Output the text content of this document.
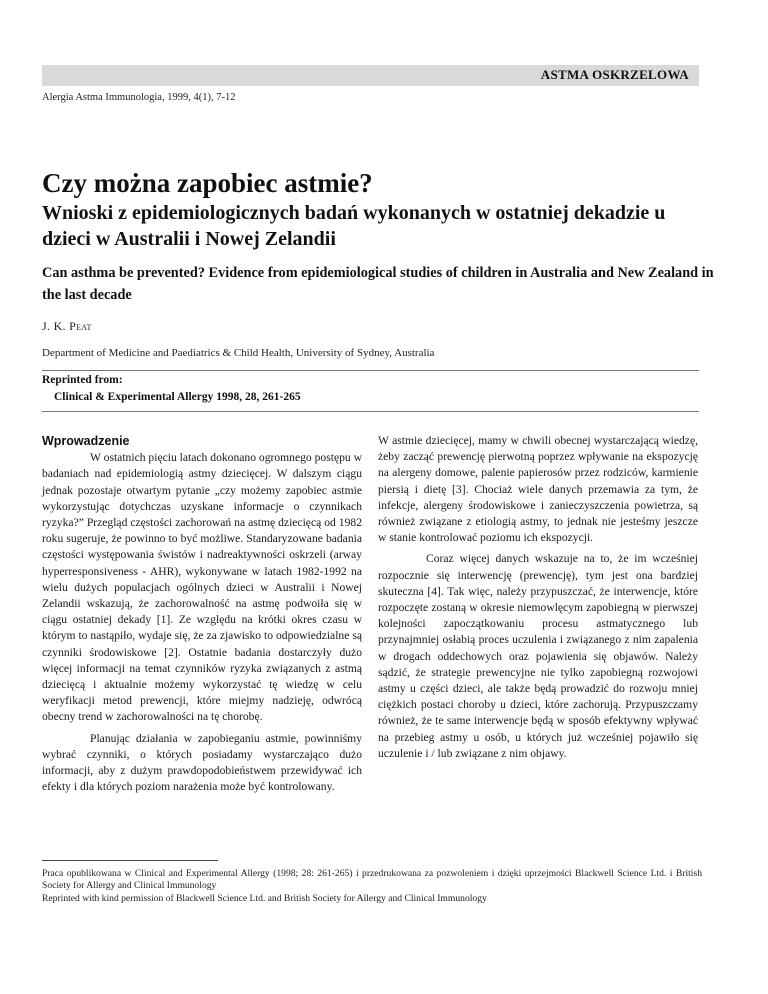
ASTMA OSKRZELOWA
Alergia Astma Immunologia, 1999, 4(1), 7-12
Czy można zapobiec astmie?
Wnioski z epidemiologicznych badań wykonanych w ostatniej dekadzie u dzieci w Australii i Nowej Zelandii
Can asthma be prevented? Evidence from epidemiological studies of children in Australia and New Zealand in the last decade
J. K. Peat
Department of Medicine and Paediatrics & Child Health, University of Sydney, Australia
Reprinted from:
Clinical & Experimental Allergy 1998, 28, 261-265
Wprowadzenie

W ostatnich pięciu latach dokonano ogromnego postępu w badaniach nad epidemiologią astmy dziecięcej. W dalszym ciągu jednak pozostaje otwartym pytanie „czy możemy zapobiec astmie wykorzystując dotychczas uzyskane informacje o czynnikach ryzyka?” Przegląd częstości zachorowań na astmę dziecięcą od 1982 roku sugeruje, że powinno to być możliwe. Standaryzowane badania częstości występowania świstów i nadreaktywności oskrzeli (arway hyperresponsiveness - AHR), wykonywane w latach 1982-1992 na wielu dużych populacjach ogólnych dzieci w Australii i Nowej Zelandii wskazują, że zachorowalność na astmę podwoiła się w ciągu ostatniej dekady [1]. Ze względu na krótki okres czasu w którym to nastąpiło, wydaje się, że za zjawisko to odpowiedzialne są czynniki środowiskowe [2]. Ostatnie badania dostarczyły dużo więcej informacji na temat czynników ryzyka związanych z astmą dziecięcą i aktualnie możemy wykorzystać tę wiedzę w celu weryfikacji metod prewencji, które miejmy nadzieję, odwrócą obecny trend w zachorowalności na tę chorobę.

Planując działania w zapobieganiu astmie, powinniśmy wybrać czynniki, o których posiadamy wystarczająco dużo informacji, aby z dużym prawdopodobieństwem przewidywać ich efekty i dla których poziom narażenia może być kontrolowany.

W astmie dziecięcej, mamy w chwili obecnej wystarczającą wiedzę, żeby zacząć prewencję pierwotną poprzez wpływanie na ekspozycję na alergeny domowe, palenie papierosów przez rodziców, karmienie piersią i dietę [3]. Chociaż wiele danych przemawia za tym, że infekcje, alergeny środowiskowe i zanieczyszczenia powietrza, są również związane z etiologią astmy, to jednak nie jesteśmy jeszcze w stanie kontrolować poziomu ich ekspozycji.

Coraz więcej danych wskazuje na to, że im wcześniej rozpocznie się interwencję (prewencję), tym jest ona bardziej skuteczna [4]. Tak więc, należy przypuszczać, że interwencje, które rozpoczęte zostaną w okresie niemowlęcym zapobiegną w pierwszej kolejności zapoczątkowaniu procesu astmatycznego lub przynajmniej osłabią proces uczulenia i związanego z nim zapalenia w drogach oddechowych oraz pojawienia się objawów. Należy sądzić, że strategie prewencyjne nie tylko zapobiegną rozwojowi astmy u części dzieci, ale także będą prowadzić do rozwoju mniej ciężkich postaci choroby u dzieci, które zachorują. Przypuszczamy również, że te same interwencje będą w sposób efektywny wpływać na przebieg astmy u osób, u których już wcześniej pojawiło się uczulenie i / lub związane z nim objawy.

Praca opublikowana w Clinical and Experimental Allergy (1998; 28: 261-265) i przedrukowana za pozwoleniem i dzięki uprzejmości Blackwell Science Ltd. i British Society for Allergy and Clinical Immunology

Reprinted with kind permission of Blackwell Science Ltd. and British Society for Allergy and Clinical Immunology
